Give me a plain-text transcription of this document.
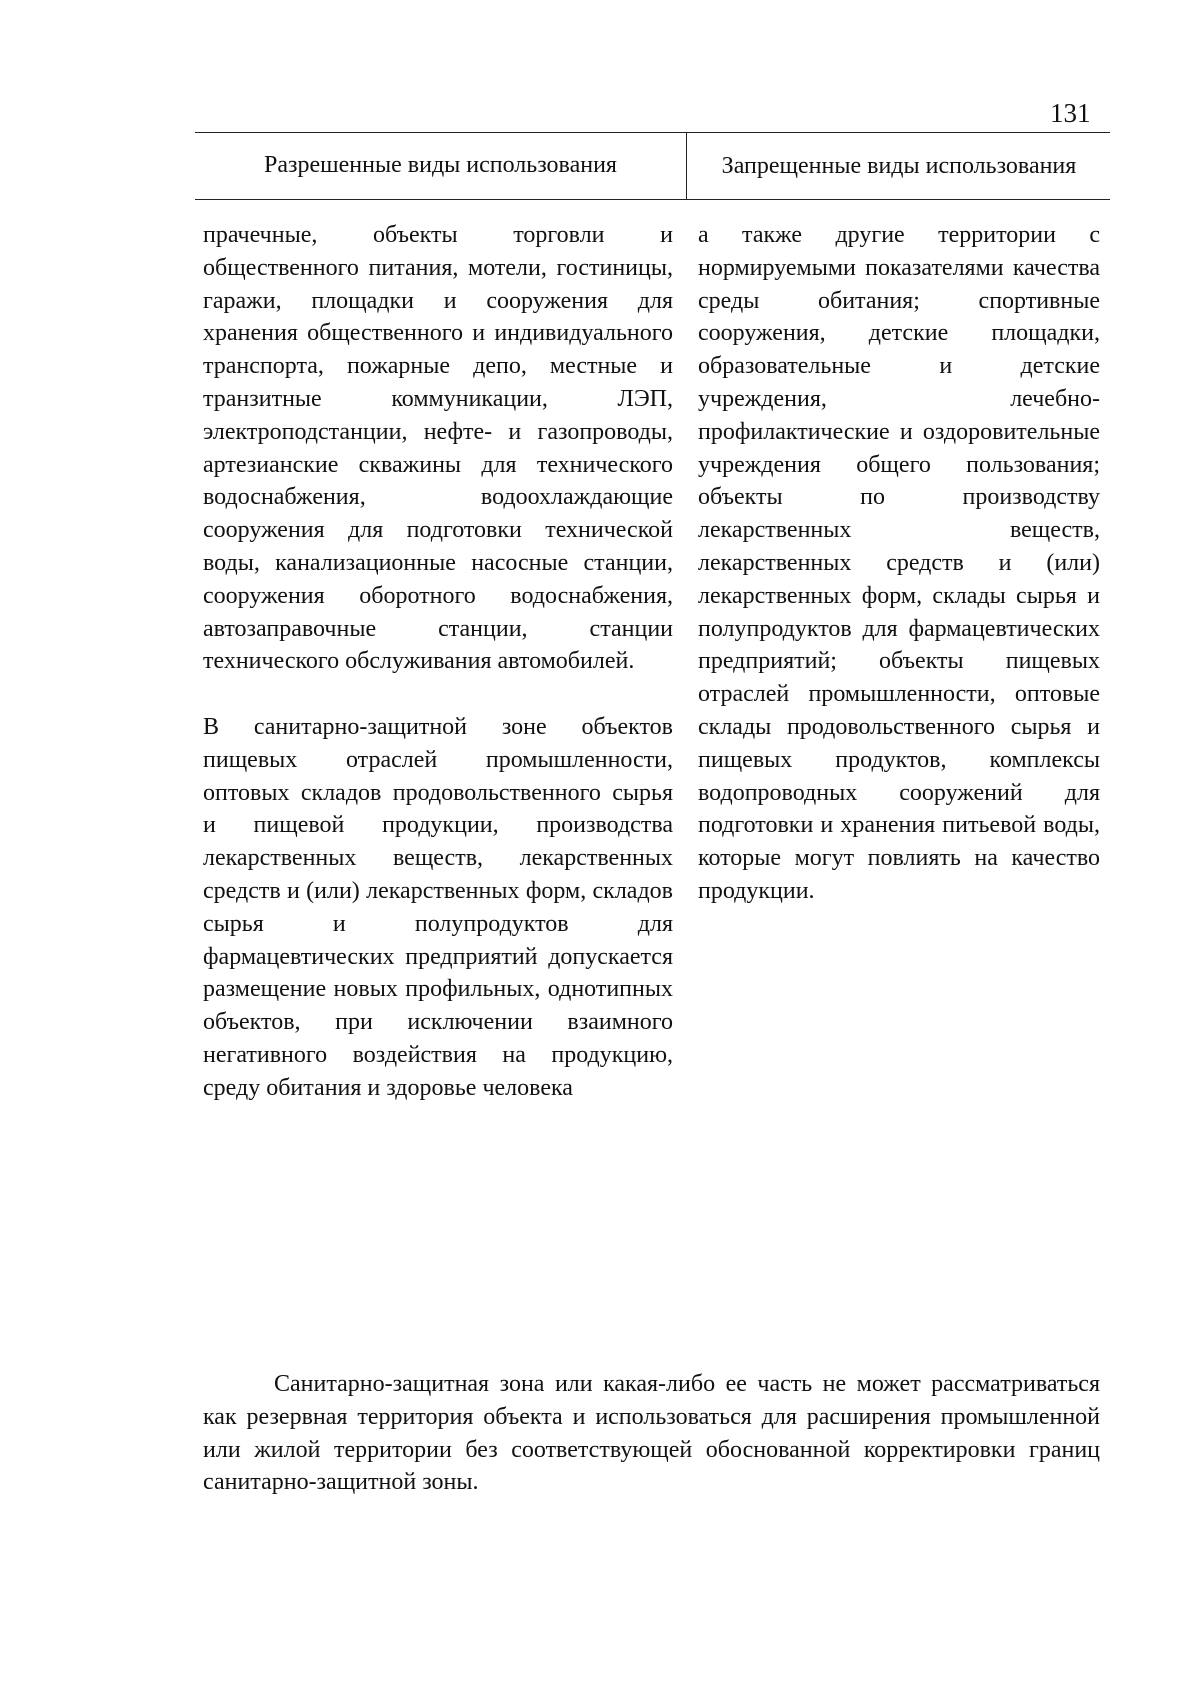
131
Разрешенные виды использования	Запрещенные виды использования

прачечные, объекты торговли и общественного питания, мотели, гостиницы, гаражи, площадки и сооружения для хранения общественного и индивидуального транспорта, пожарные депо, местные и транзитные коммуникации, ЛЭП, электроподстанции, нефте- и газопроводы, артезианские скважины для технического водоснабжения, водоохлаждающие сооружения для подготовки технической воды, канализационные насосные станции, сооружения оборотного водоснабжения, автозаправочные станции, станции технического обслуживания автомобилей.

В санитарно-защитной зоне объектов пищевых отраслей промышленности, оптовых складов продовольственного сырья и пищевой продукции, производства лекарственных веществ, лекарственных средств и (или) лекарственных форм, складов сырья и полупродуктов для фармацевтических предприятий допускается размещение новых профильных, однотипных объектов, при исключении взаимного негативного воздействия на продукцию, среду обитания и здоровье человека

а также другие территории с нормируемыми показателями качества среды обитания; спортивные сооружения, детские площадки, образовательные и детские учреждения, лечебно-профилактические и оздоровительные учреждения общего пользования; объекты по производству лекарственных веществ, лекарственных средств и (или) лекарственных форм, склады сырья и полупродуктов для фармацевтических предприятий; объекты пищевых отраслей промышленности, оптовые склады продовольственного сырья и пищевых продуктов, комплексы водопроводных сооружений для подготовки и хранения питьевой воды, которые могут повлиять на качество продукции.

Санитарно-защитная зона или какая-либо ее часть не может рассматриваться как резервная территория объекта и использоваться для расширения промышленной или жилой территории без соответствующей обоснованной корректировки границ санитарно-защитной зоны.
